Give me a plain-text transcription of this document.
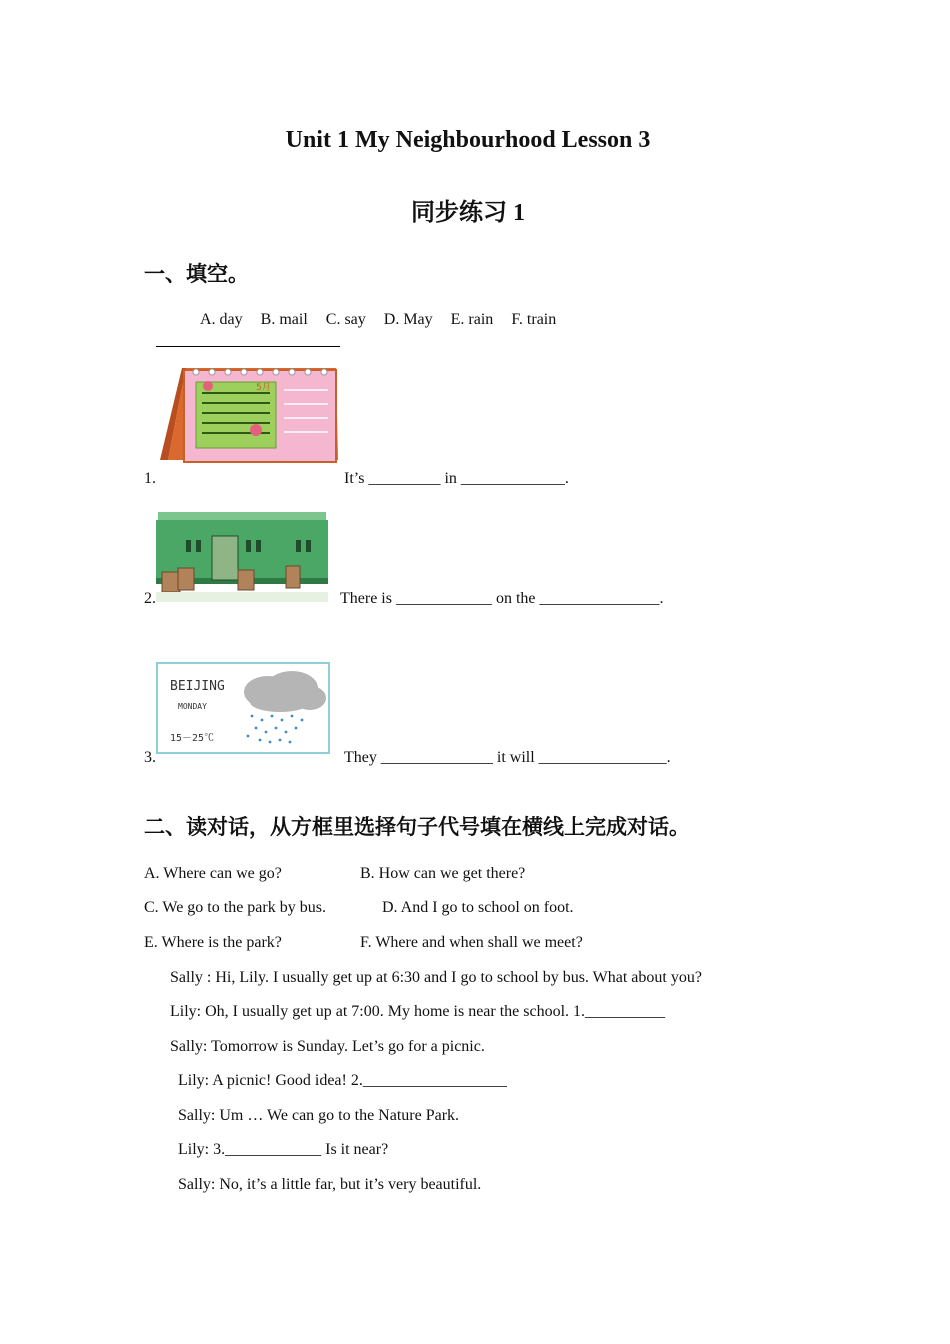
Unit 1 My Neighbourhood Lesson 3
同步练习 1
一、填空。
A. day B. mail C. say D. May E. rain F. train
5月
1.	It’s _________ in _____________.
2.	There is ____________ on the _______________.
BEIJING
MONDAY
15－25℃
3.	They ______________ it will ________________.
二、读对话，从方框里选择句子代号填在横线上完成对话。
A. Where can we go?	B. How can we get there?
C. We go to the park by bus.	D. And I go to school on foot.
E. Where is the park?	F. Where and when shall we meet?
Sally : Hi, Lily. I usually get up at 6:30 and I go to school by bus. What about you?
Lily: Oh, I usually get up at 7:00. My home is near the school. 1.__________
Sally: Tomorrow is Sunday. Let’s go for a picnic.
Lily: A picnic! Good idea! 2.__________________
Sally: Um … We can go to the Nature Park.
Lily: 3.____________ Is it near?
Sally: No, it’s a little far, but it’s very beautiful.
